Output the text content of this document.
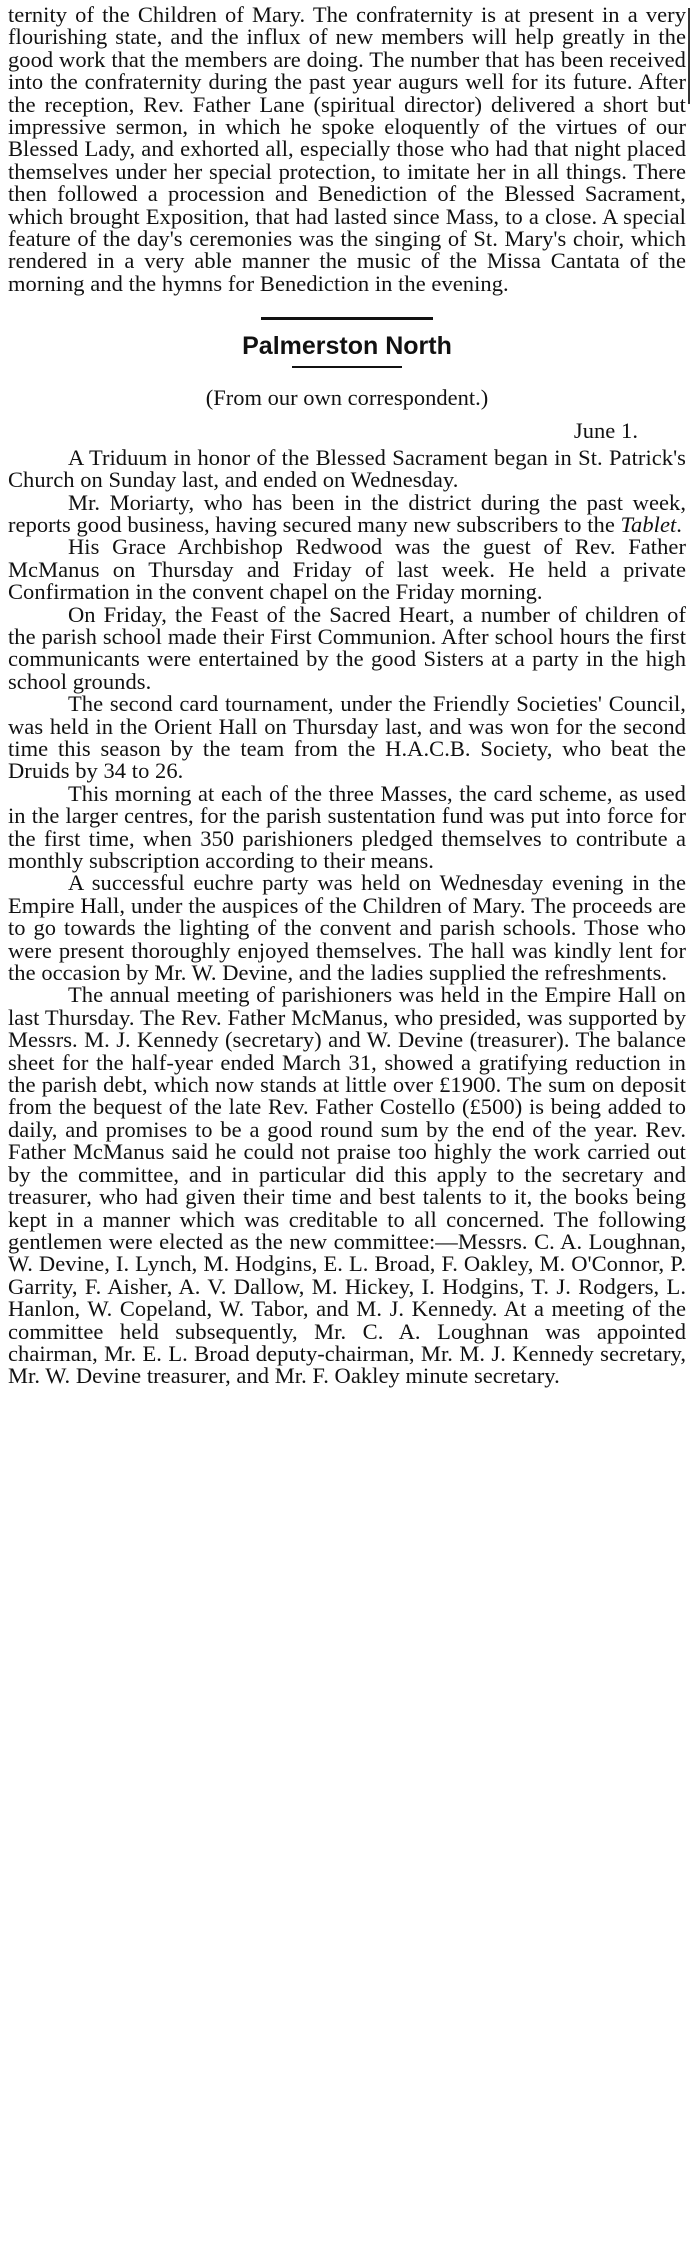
ternity of the Children of Mary. The confraternity is at present in a very flourishing state, and the influx of new members will help greatly in the good work that the members are doing. The number that has been received into the confraternity during the past year augurs well for its future. After the reception, Rev. Father Lane (spiritual director) delivered a short but impressive sermon, in which he spoke eloquently of the virtues of our Blessed Lady, and exhorted all, especially those who had that night placed themselves under her special protection, to imitate her in all things. There then followed a procession and Benediction of the Blessed Sacrament, which brought Exposition, that had lasted since Mass, to a close. A special feature of the day's ceremonies was the singing of St. Mary's choir, which rendered in a very able manner the music of the Missa Cantata of the morning and the hymns for Benediction in the evening.

Palmerston North
(From our own correspondent.)

June 1.

A Triduum in honor of the Blessed Sacrament began in St. Patrick's Church on Sunday last, and ended on Wednesday.

Mr. Moriarty, who has been in the district during the past week, reports good business, having secured many new subscribers to the Tablet.

His Grace Archbishop Redwood was the guest of Rev. Father McManus on Thursday and Friday of last week. He held a private Confirmation in the convent chapel on the Friday morning.

On Friday, the Feast of the Sacred Heart, a number of children of the parish school made their First Communion. After school hours the first communicants were entertained by the good Sisters at a party in the high school grounds.

The second card tournament, under the Friendly Societies' Council, was held in the Orient Hall on Thursday last, and was won for the second time this season by the team from the H.A.C.B. Society, who beat the Druids by 34 to 26.

This morning at each of the three Masses, the card scheme, as used in the larger centres, for the parish sustentation fund was put into force for the first time, when 350 parishioners pledged themselves to contribute a monthly subscription according to their means.

A successful euchre party was held on Wednesday evening in the Empire Hall, under the auspices of the Children of Mary. The proceeds are to go towards the lighting of the convent and parish schools. Those who were present thoroughly enjoyed themselves. The hall was kindly lent for the occasion by Mr. W. Devine, and the ladies supplied the refreshments.

The annual meeting of parishioners was held in the Empire Hall on last Thursday. The Rev. Father McManus, who presided, was supported by Messrs. M. J. Kennedy (secretary) and W. Devine (treasurer). The balance sheet for the half-year ended March 31, showed a gratifying reduction in the parish debt, which now stands at little over £1900. The sum on deposit from the bequest of the late Rev. Father Costello (£500) is being added to daily, and promises to be a good round sum by the end of the year. Rev. Father McManus said he could not praise too highly the work carried out by the committee, and in particular did this apply to the secretary and treasurer, who had given their time and best talents to it, the books being kept in a manner which was creditable to all concerned. The following gentlemen were elected as the new committee:—Messrs. C. A. Loughnan, W. Devine, I. Lynch, M. Hodgins, E. L. Broad, F. Oakley, M. O'Connor, P. Garrity, F. Aisher, A. V. Dallow, M. Hickey, I. Hodgins, T. J. Rodgers, L. Hanlon, W. Copeland, W. Tabor, and M. J. Kennedy. At a meeting of the committee held subsequently, Mr. C. A. Loughnan was appointed chairman, Mr. E. L. Broad deputy-chairman, Mr. M. J. Kennedy secretary, Mr. W. Devine treasurer, and Mr. F. Oakley minute secretary.
